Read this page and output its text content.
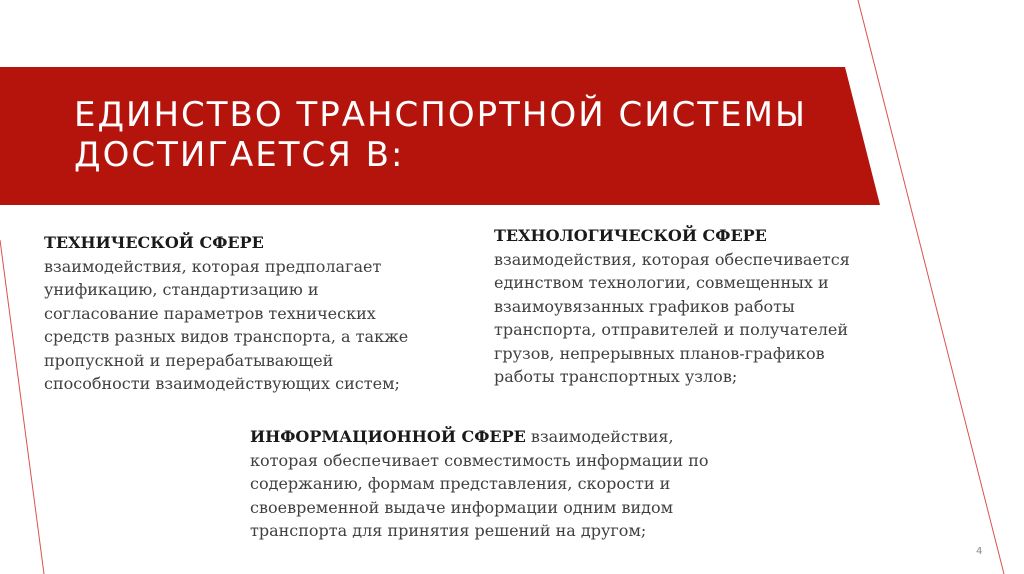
ЕДИНСТВО ТРАНСПОРТНОЙ СИСТЕМЫ
ДОСТИГАЕТСЯ В:
ТЕХНИЧЕСКОЙ СФЕРЕ
взаимодействия, которая предполагает
унификацию, стандартизацию и
согласование параметров технических
средств разных видов транспорта, а также
пропускной и перерабатывающей
способности взаимодействующих систем;
ТЕХНОЛОГИЧЕСКОЙ СФЕРЕ
взаимодействия, которая обеспечивается
единством технологии, совмещенных и
взаимоувязанных графиков работы
транспорта, отправителей и получателей
грузов, непрерывных планов-графиков
работы транспортных узлов;
ИНФОРМАЦИОННОЙ СФЕРЕ взаимодействия,
которая обеспечивает совместимость информации по
содержанию, формам представления, скорости и
своевременной выдаче информации одним видом
транспорта для принятия решений на другом;
4
